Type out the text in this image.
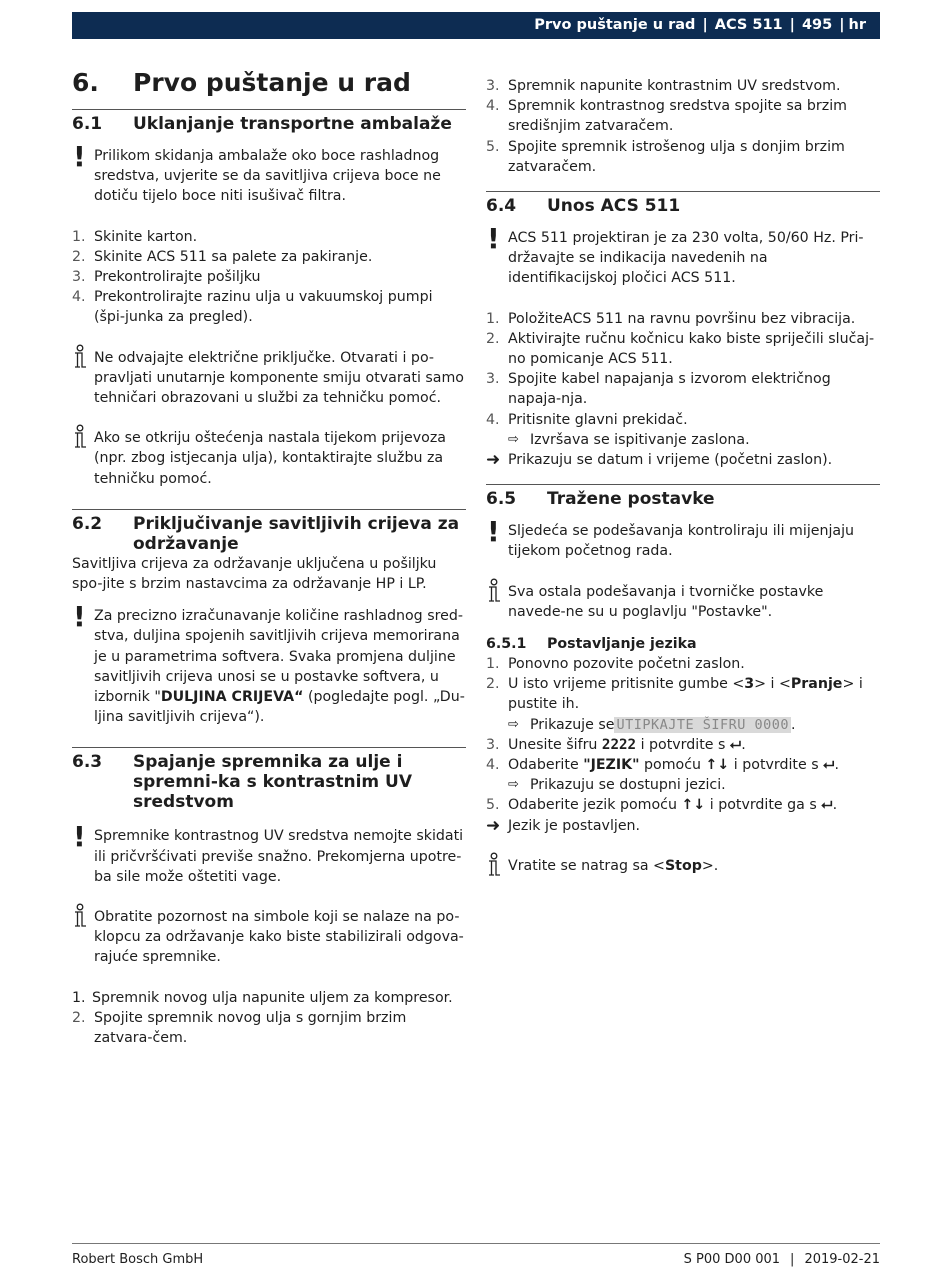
Prvo puštanje u rad | ACS 511 | 495 | hr
6.	Prvo puštanje u rad
6.1	Uklanjanje transportne ambalaže
! Prilikom skidanja ambalaže oko boce rashladnog sredstva, uvjerite se da savitljiva crijeva boce ne dotiču tijelo boce niti isušivač filtra.
1. Skinite karton.
2. Skinite ACS 511 sa palete za pakiranje.
3. Prekontrolirajte pošiljku
4. Prekontrolirajte razinu ulja u vakuumskoj pumpi (špi-junka za pregled).
Ne odvajajte električne priključke. Otvarati i po-pravljati unutarnje komponente smiju otvarati samo tehničari obrazovani u službi za tehničku pomoć.
Ako se otkriju oštećenja nastala tijekom prijevoza (npr. zbog istjecanja ulja), kontaktirajte službu za tehničku pomoć.
6.2	Priključivanje savitljivih crijeva za održavanje

Savitljiva crijeva za održavanje uključena u pošiljku spo-jite s brzim nastavcima za održavanje HP i LP.

! Za precizno izračunavanje količine rashladnog sred-stva, duljina spojenih savitljivih crijeva memorirana je u parametrima softvera. Svaka promjena duljine savitljivih crijeva unosi se u postavke softvera, u izbornik "DULJINA CRIJEVA“ (pogledajte pogl. „Du-ljina savitljivih crijeva“).
6.3	Spajanje spremnika za ulje i spremni-ka s kontrastnim UV sredstvom
! Spremnike kontrastnog UV sredstva nemojte skidati ili pričvršćivati previše snažno. Prekomjerna upotre-ba sile može oštetiti vage.
Obratite pozornost na simbole koji se nalaze na po-klopcu za održavanje kako biste stabilizirali odgova-rajuće spremnike.
1. Spremnik novog ulja napunite uljem za kompresor.
2. Spojite spremnik novog ulja s gornjim brzim zatvara-čem.
3. Spremnik napunite kontrastnim UV sredstvom.
4. Spremnik kontrastnog sredstva spojite sa brzim središnjim zatvaračem.
5. Spojite spremnik istrošenog ulja s donjim brzim zatvaračem.
6.4	Unos ACS 511
! ACS 511 projektiran je za 230 volta, 50/60 Hz. Pri-državajte se indikacija navedenih na identifikacijskoj pločici ACS 511.
1. PoložiteACS 511 na ravnu površinu bez vibracija.
2. Aktivirajte ručnu kočnicu kako biste spriječili slučaj-no pomicanje ACS 511.
3. Spojite kabel napajanja s izvorom električnog napaja-nja.
4. Pritisnite glavni prekidač.
⇨ Izvršava se ispitivanje zaslona.
➜ Prikazuju se datum i vrijeme (početni zaslon).
6.5	Tražene postavke
! Sljedeća se podešavanja kontroliraju ili mijenjaju tijekom početnog rada.
Sva ostala podešavanja i tvorničke postavke navede-ne su u poglavlju "Postavke".
6.5.1	Postavljanje jezika
1. Ponovno pozovite početni zaslon.
2. U isto vrijeme pritisnite gumbe <3> i <Pranje> i pustite ih.
⇨ Prikazuje se UTIPKAJTE ŠIFRU 0000 .
3. Unesite šifru 2222 i potvrdite s ⮠.
4. Odaberite "JEZIK" pomoću ↑↓ i potvrdite s ⮠.
⇨ Prikazuju se dostupni jezici.
5. Odaberite jezik pomoću ↑↓ i potvrdite ga s ⮠.
➜ Jezik je postavljen.
Vratite se natrag sa <Stop>.
Robert Bosch GmbH	S P00 D00 001 | 2019-02-21
